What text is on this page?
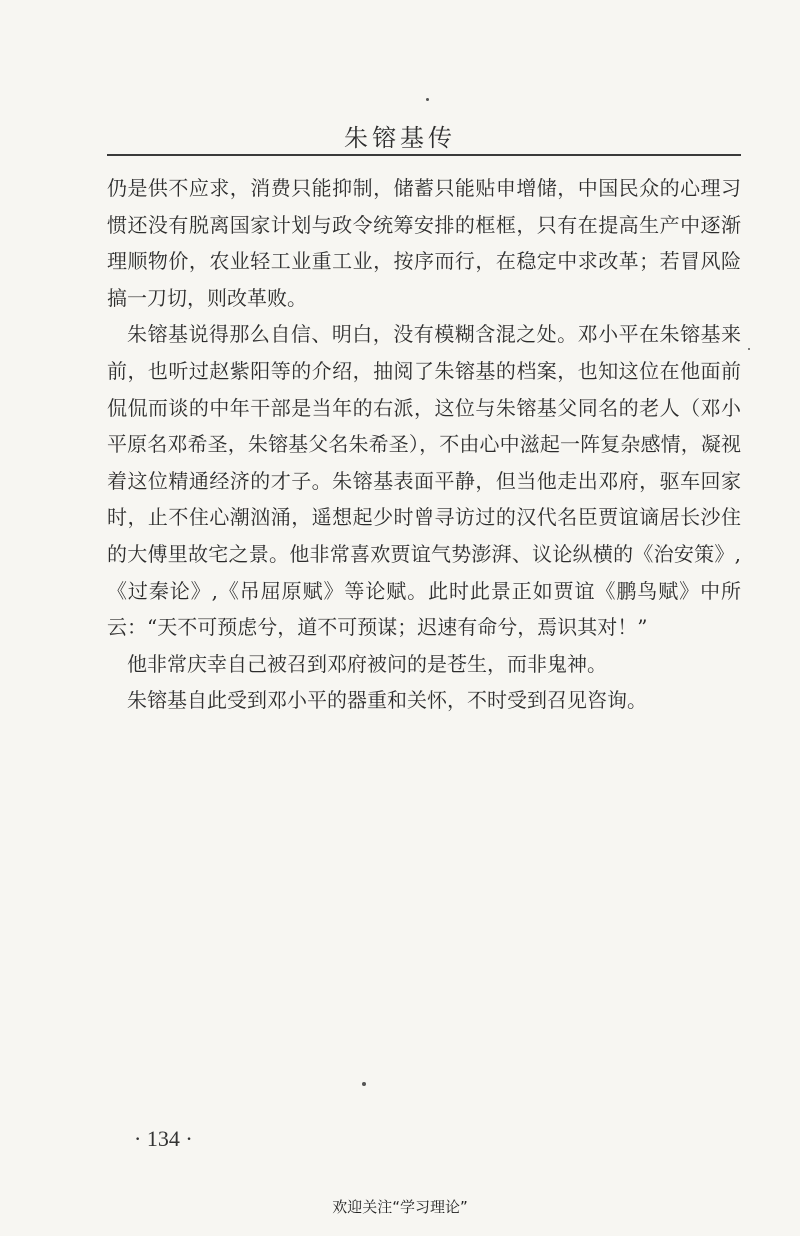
朱镕基传

仍是供不应求，消费只能抑制，储蓄只能贴申增储，中国民众的心理习惯还没有脱离国家计划与政令统筹安排的框框，只有在提高生产中逐渐理顺物价，农业轻工业重工业，按序而行，在稳定中求改革；若冒风险搞一刀切，则改革败。

朱镕基说得那么自信、明白，没有模糊含混之处。邓小平在朱镕基来前，也听过赵紫阳等的介绍，抽阅了朱镕基的档案，也知这位在他面前侃侃而谈的中年干部是当年的右派，这位与朱镕基父同名的老人（邓小平原名邓希圣，朱镕基父名朱希圣），不由心中滋起一阵复杂感情，凝视着这位精通经济的才子。朱镕基表面平静，但当他走出邓府，驱车回家时，止不住心潮汹涌，遥想起少时曾寻访过的汉代名臣贾谊谪居长沙住的大傅里故宅之景。他非常喜欢贾谊气势澎湃、议论纵横的《治安策》,《过秦论》,《吊屈原赋》等论赋。此时此景正如贾谊《鹏鸟赋》中所云：“天不可预虑兮，道不可预谋；迟速有命兮，焉识其对！”

他非常庆幸自己被召到邓府被问的是苍生，而非鬼神。

朱镕基自此受到邓小平的器重和关怀，不时受到召见咨询。

· 134 ·
欢迎关注“学习理论”
